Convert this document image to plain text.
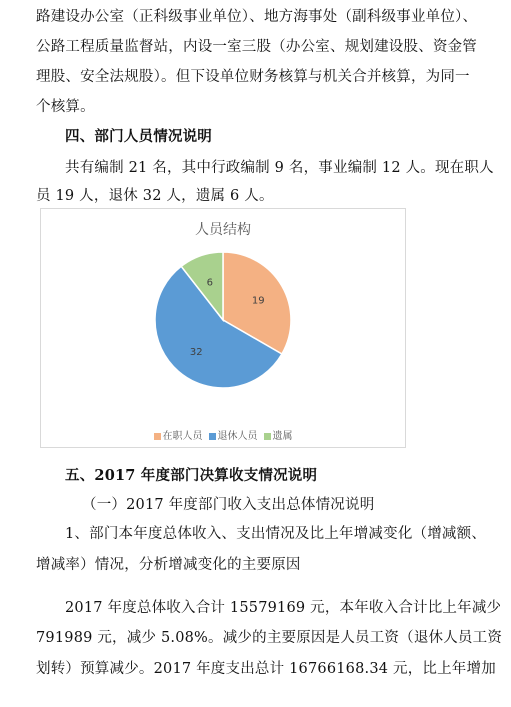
路建设办公室（正科级事业单位）、地方海事处（副科级事业单位）、
公路工程质量监督站，内设一室三股（办公室、规划建设股、资金管
理股、安全法规股）。但下设单位财务核算与机关合并核算，为同一
个核算。
四、部门人员情况说明
共有编制 21 名，其中行政编制 9 名，事业编制 12 人。现在职人
员 19 人，退休 32 人，遗属 6 人。
人员结构
19
32
6
在职人员 退休人员 遗属
五、2017 年度部门决算收支情况说明
（一）2017 年度部门收入支出总体情况说明
1、部门本年度总体收入、支出情况及比上年增减变化（增减额、
增减率）情况，分析增减变化的主要原因
2017 年度总体收入合计 15579169 元，本年收入合计比上年减少
791989 元，减少 5.08%。减少的主要原因是人员工资（退休人员工资
划转）预算减少。2017 年度支出总计 16766168.34 元，比上年增加
